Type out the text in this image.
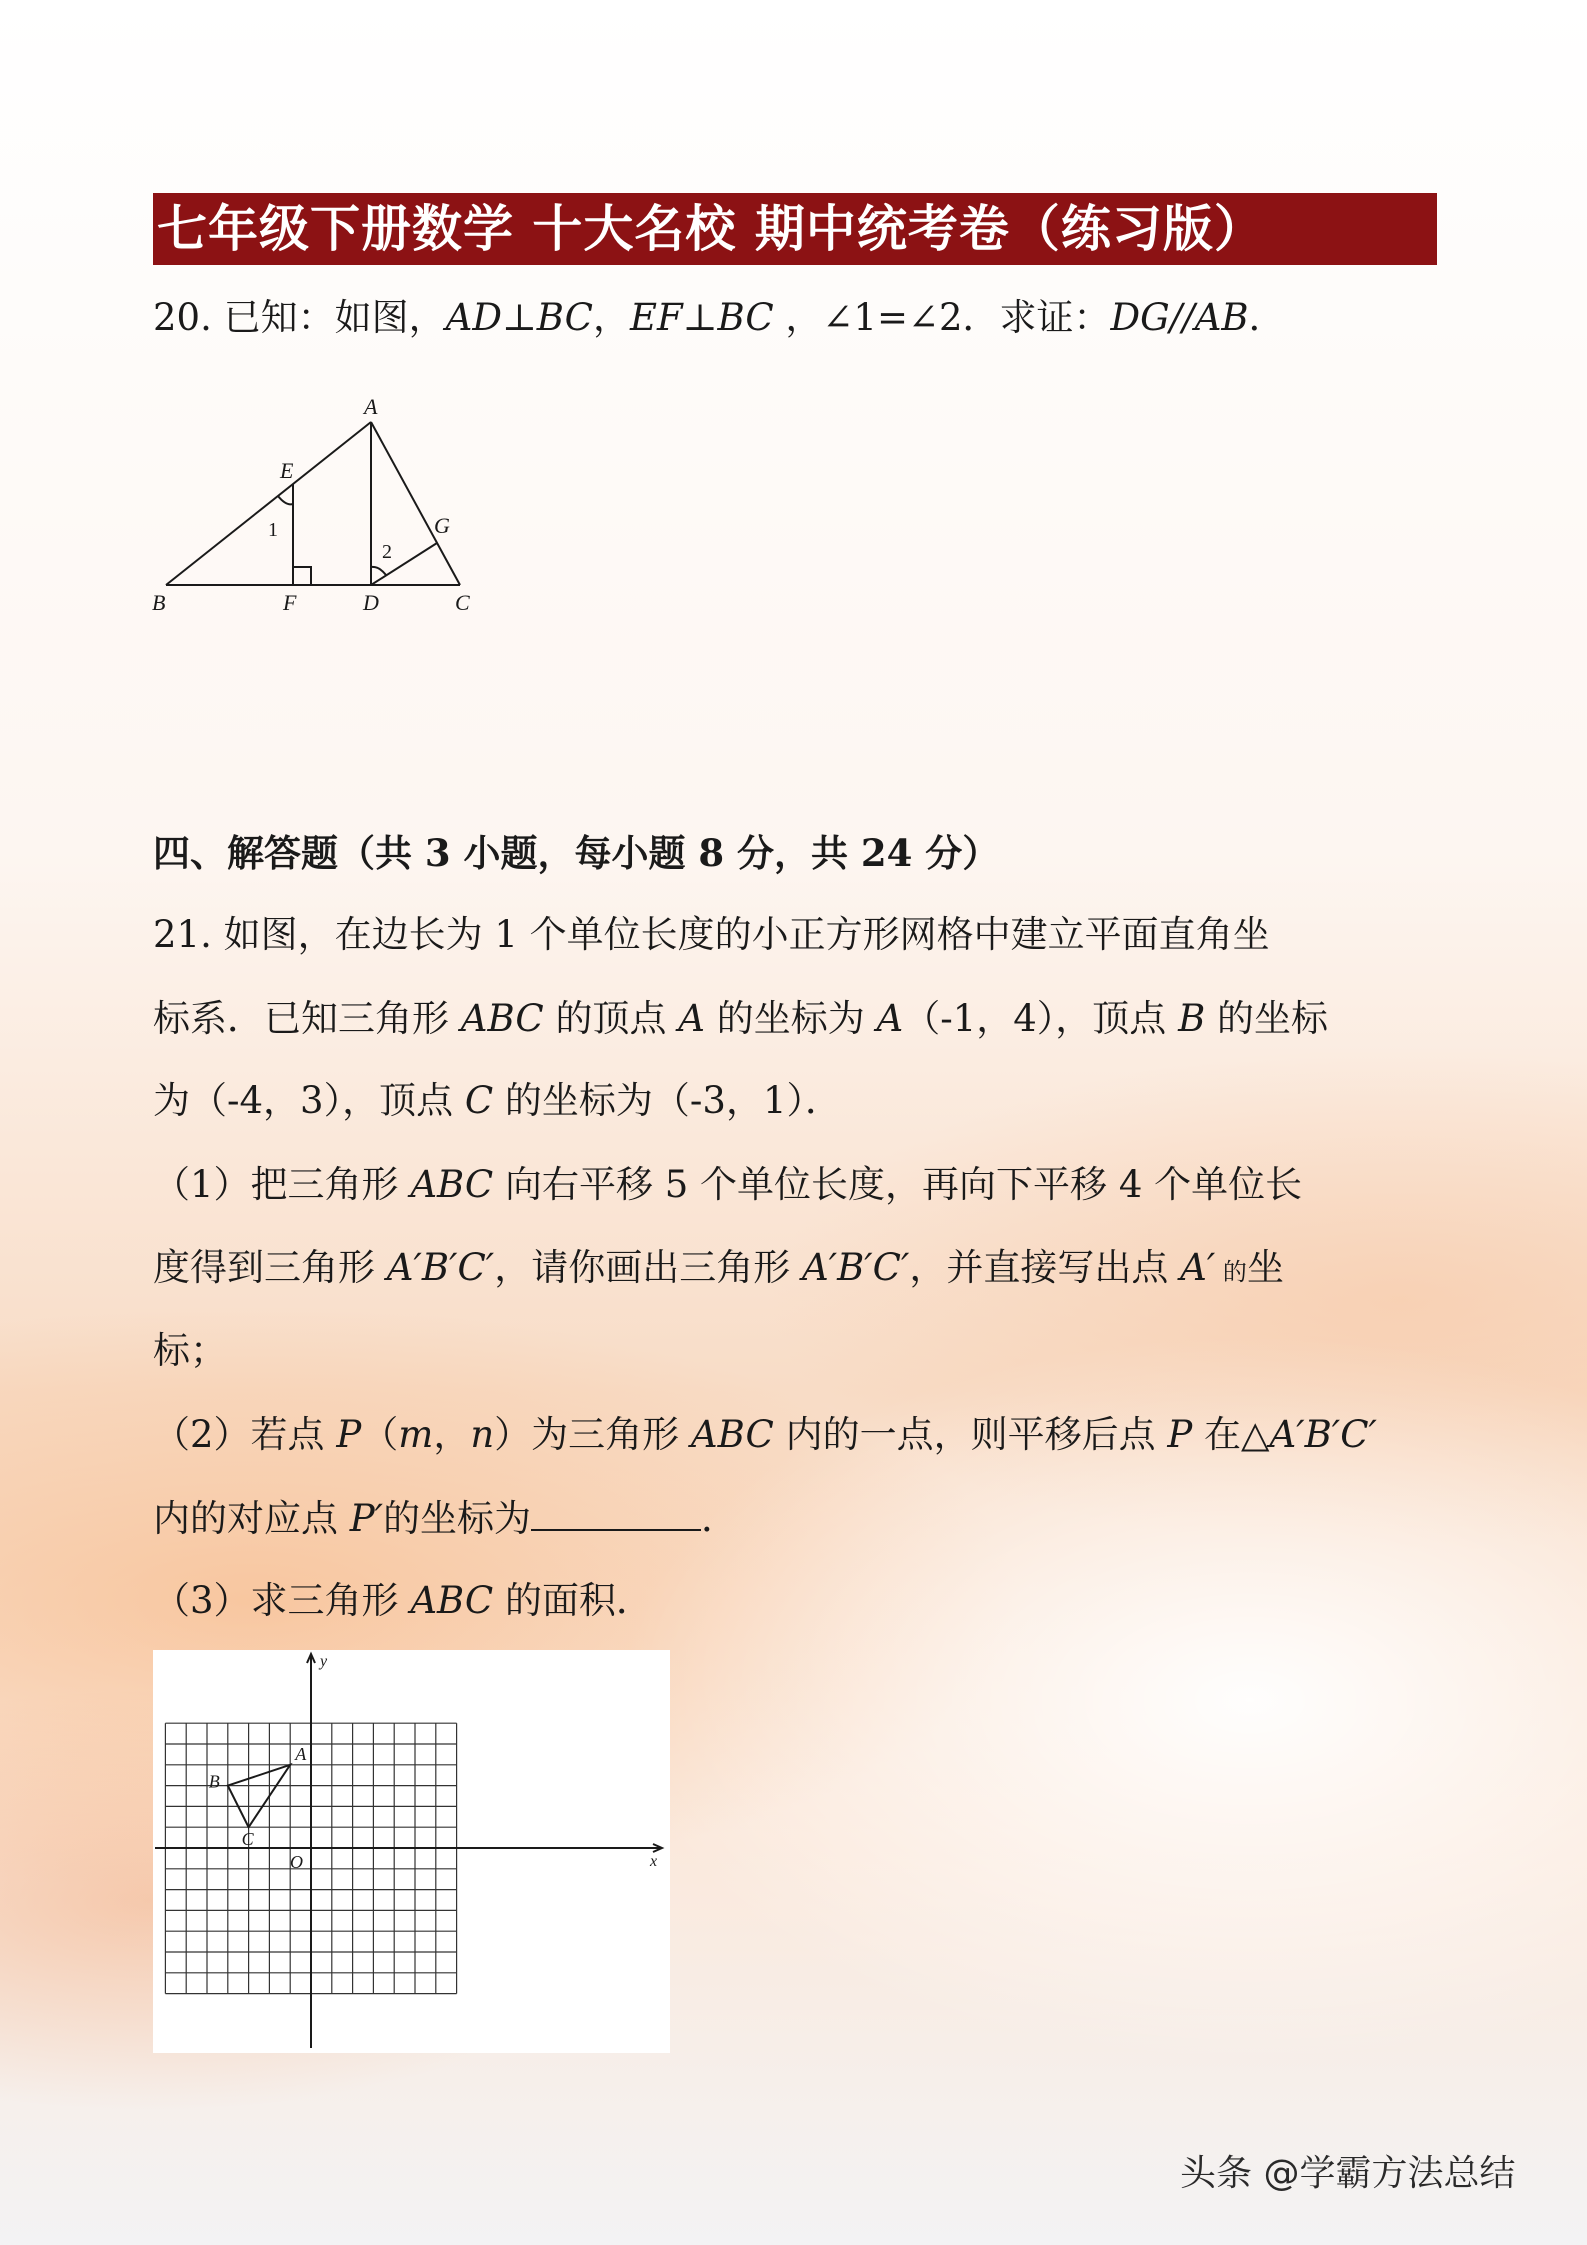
七年级下册数学 十大名校 期中统考卷（练习版）
20. 已知：如图，AD⊥BC，EF⊥BC ，∠1=∠2．求证：DG//AB．
A
B	C
D
E
F
G
1
2
四、解答题（共 3 小题，每小题 8 分，共 24 分）
21. 如图，在边长为 1 个单位长度的小正方形网格中建立平面直角坐
标系．已知三角形 ABC 的顶点 A 的坐标为 A（-1，4），顶点 B 的坐标
为（-4，3），顶点 C 的坐标为（-3，1）．
（1）把三角形 ABC 向右平移 5 个单位长度，再向下平移 4 个单位长
度得到三角形 A′B′C′，请你画出三角形 A′B′C′，并直接写出点 A′ 的坐
标；
（2）若点 P（m，n）为三角形 ABC 内的一点，则平移后点 P 在△A′B′C′
内的对应点 P′的坐标为	．
（3）求三角形 ABC 的面积．
A
B
C
O	x
y
头条 @学霸方法总结
